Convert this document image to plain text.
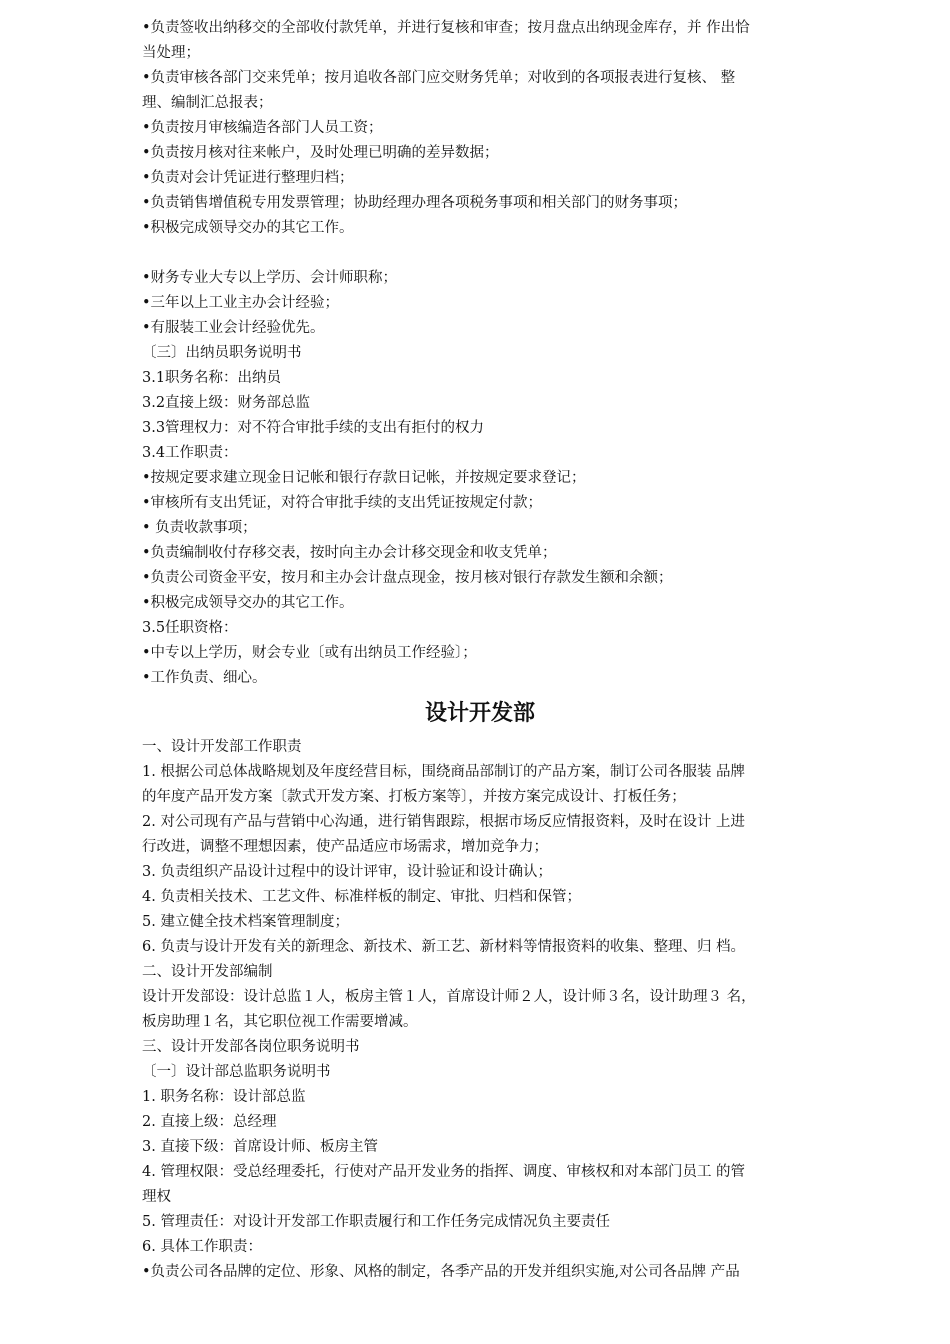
•负责签收出纳移交的全部收付款凭单，并进行复核和审查；按月盘点出纳现金库存，并 作出恰
当处理；
•负责审核各部门交来凭单；按月追收各部门应交财务凭单；对收到的各项报表进行复核、 整
理、编制汇总报表；
•负责按月审核编造各部门人员工资；
•负责按月核对往来帐户，及时处理已明确的差异数据；
•负责对会计凭证进行整理归档；
•负责销售增值税专用发票管理；协助经理办理各项税务事项和相关部门的财务事项；
•积极完成领导交办的其它工作。
•财务专业大专以上学历、会计师职称；
•三年以上工业主办会计经验；
•有服装工业会计经验优先。
〔三〕出纳员职务说明书
3.1职务名称：出纳员
3.2直接上级：财务部总监
3.3管理权力：对不符合审批手续的支出有拒付的权力
3.4工作职责：
•按规定要求建立现金日记帐和银行存款日记帐，并按规定要求登记；
•审核所有支出凭证，对符合审批手续的支出凭证按规定付款；
• 负责收款事项；
•负责编制收付存移交表，按时向主办会计移交现金和收支凭单；
•负责公司资金平安，按月和主办会计盘点现金，按月核对银行存款发生额和余额；
•积极完成领导交办的其它工作。
3.5任职资格：
•中专以上学历，财会专业〔或有出纳员工作经验〕；
•工作负责、细心。
设计开发部
一、设计开发部工作职责
1. 根据公司总体战略规划及年度经营目标，围绕商品部制订的产品方案，制订公司各服装 品牌
的年度产品开发方案〔款式开发方案、打板方案等〕，并按方案完成设计、打板任务；
2. 对公司现有产品与营销中心沟通，进行销售跟踪，根据市场反应情报资料，及时在设计 上进
行改进，调整不理想因素，使产品适应市场需求，增加竞争力；
3. 负责组织产品设计过程中的设计评审，设计验证和设计确认；
4. 负责相关技术、工艺文件、标准样板的制定、审批、归档和保管；
5. 建立健全技术档案管理制度；
6. 负责与设计开发有关的新理念、新技术、新工艺、新材料等情报资料的收集、整理、归 档。
二、设计开发部编制
设计开发部设：设计总监１人，板房主管１人，首席设计师２人，设计师３名，设计助理３ 名，
板房助理１名，其它职位视工作需要增减。
三、设计开发部各岗位职务说明书
〔一〕设计部总监职务说明书
1. 职务名称：设计部总监
2. 直接上级：总经理
3. 直接下级：首席设计师、板房主管
4. 管理权限：受总经理委托，行使对产品开发业务的指挥、调度、审核权和对本部门员工 的管
理权
5. 管理责任：对设计开发部工作职责履行和工作任务完成情况负主要责任
6. 具体工作职责：
•负责公司各品牌的定位、形象、风格的制定，各季产品的开发并组织实施,对公司各品牌 产品
